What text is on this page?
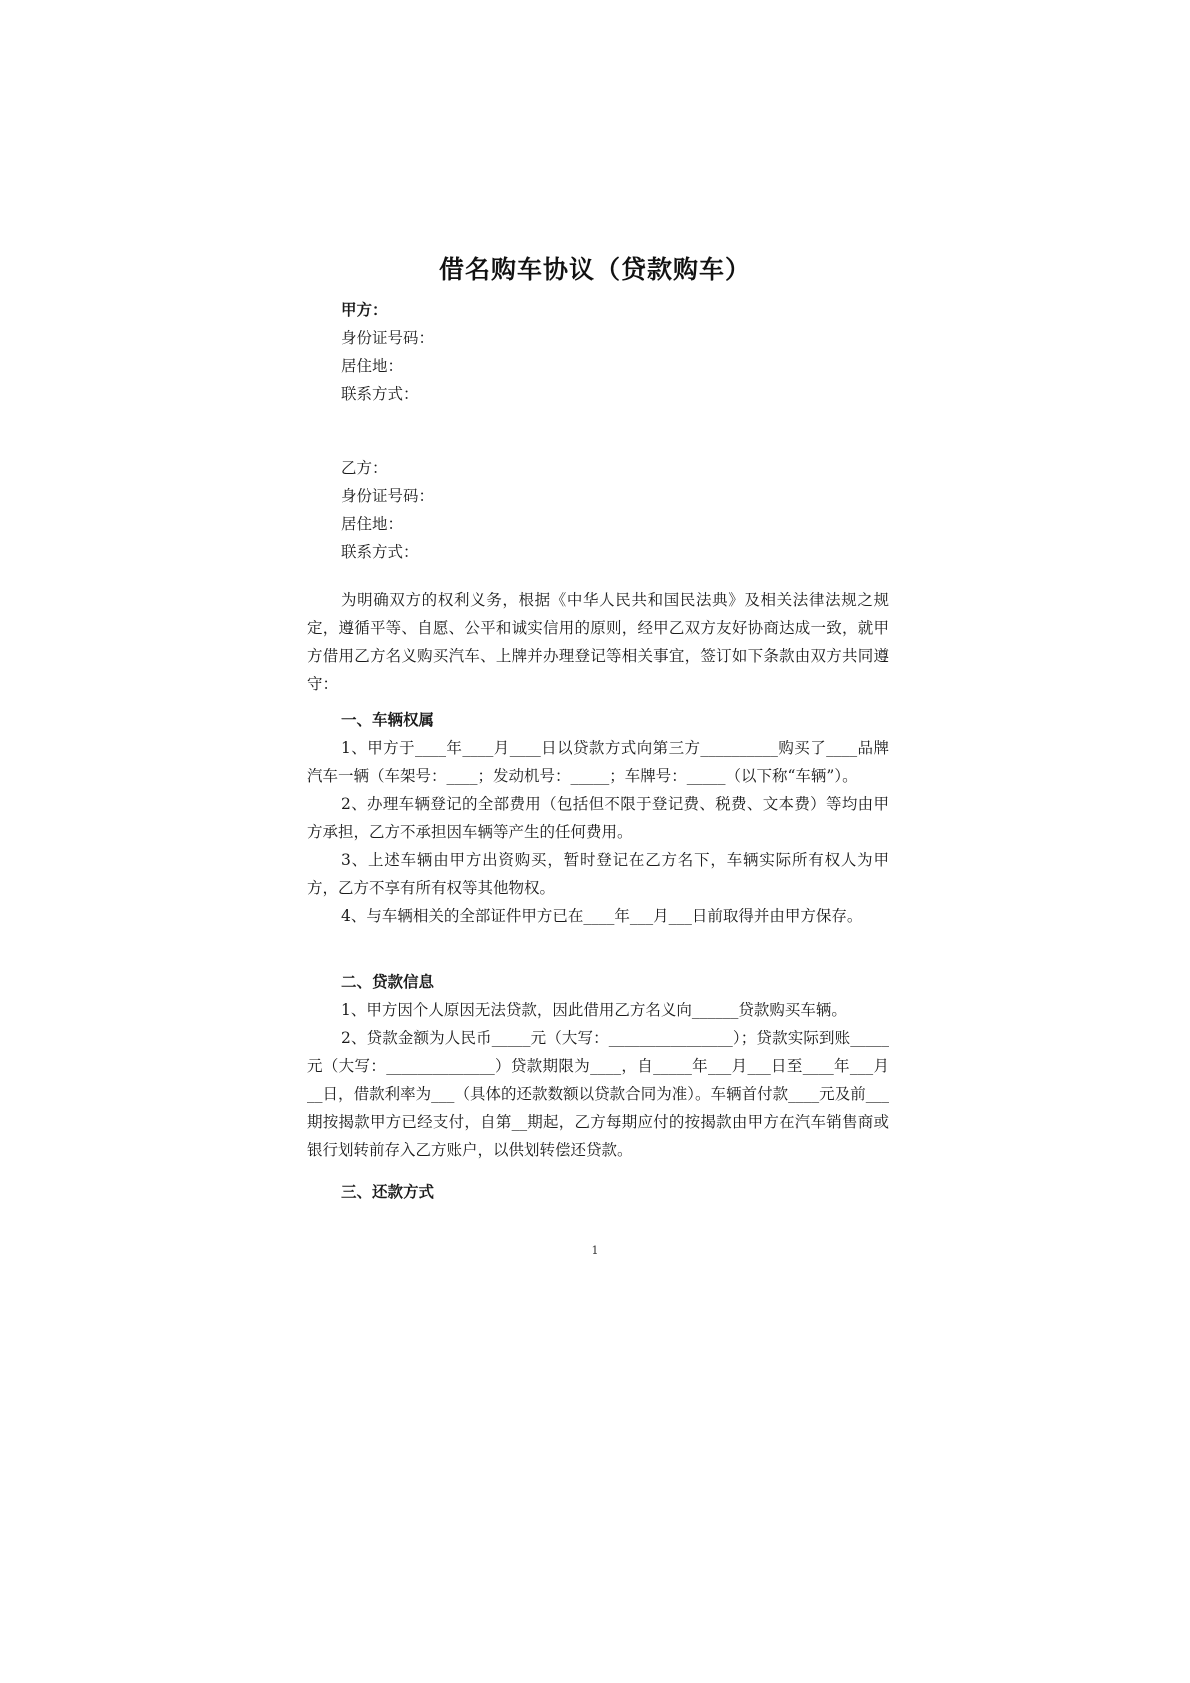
借名购车协议（贷款购车）
甲方：
身份证号码：
居住地：
联系方式：
乙方：
身份证号码：
居住地：
联系方式：

为明确双方的权利义务，根据《中华人民共和国民法典》及相关法律法规之规定，遵循平等、自愿、公平和诚实信用的原则，经甲乙双方友好协商达成一致，就甲方借用乙方名义购买汽车、上牌并办理登记等相关事宜，签订如下条款由双方共同遵守：

一、车辆权属

1、甲方于____年____月____日以贷款方式向第三方__________购买了____品牌汽车一辆（车架号：____；发动机号：_____；车牌号：_____（以下称“车辆”）。

2、办理车辆登记的全部费用（包括但不限于登记费、税费、文本费）等均由甲方承担，乙方不承担因车辆等产生的任何费用。

3、上述车辆由甲方出资购买，暂时登记在乙方名下，车辆实际所有权人为甲方，乙方不享有所有权等其他物权。

4、与车辆相关的全部证件甲方已在____年___月___日前取得并由甲方保存。

二、贷款信息

1、甲方因个人原因无法贷款，因此借用乙方名义向______贷款购买车辆。

2、贷款金额为人民币_____元（大写：________________）；贷款实际到账_____元（大写：______________）贷款期限为____，自_____年___月___日至____年___月__日，借款利率为___（具体的还款数额以贷款合同为准）。车辆首付款____元及前___期按揭款甲方已经支付，自第__期起，乙方每期应付的按揭款由甲方在汽车销售商或银行划转前存入乙方账户，以供划转偿还贷款。

三、还款方式
1
